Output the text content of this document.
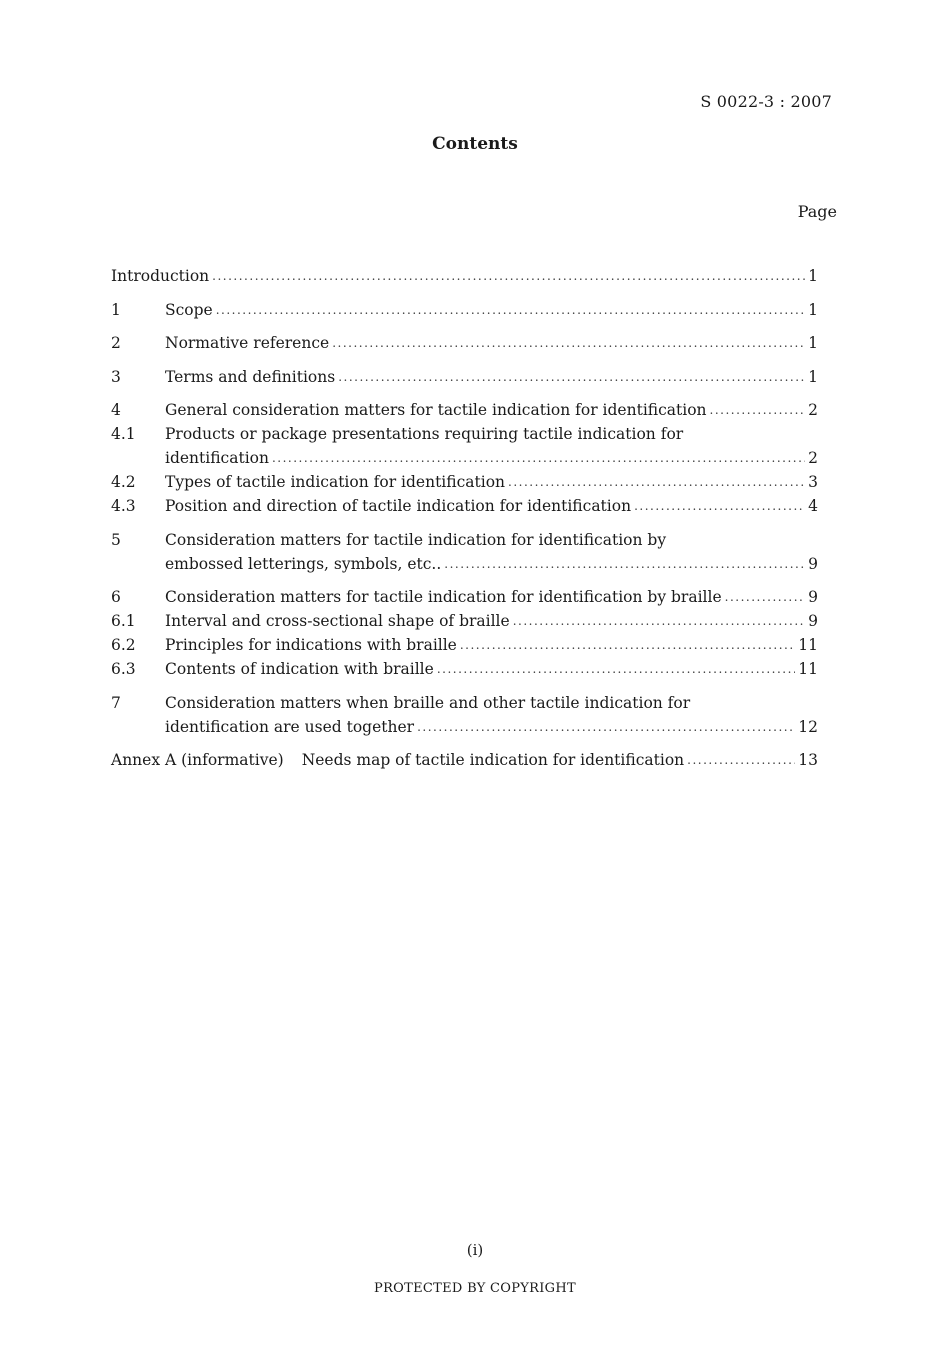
S 0022-3 : 2007
Contents
Page
Introduction .....	1
1	Scope .....	1
2	Normative reference .....	1
3	Terms and definitions .....	1
4	General consideration matters for tactile indication for identification .....	2
4.1	Products or package presentations requiring tactile indication for
identification .....	2
4.2	Types of tactile indication for identification .....	3
4.3	Position and direction of tactile indication for identification .....	4
5	Consideration matters for tactile indication for identification by
embossed letterings, symbols, etc.. .....	9
6	Consideration matters for tactile indication for identification by braille .....	9
6.1	Interval and cross-sectional shape of braille .....	9
6.2	Principles for indications with braille .....	11
6.3	Contents of indication with braille .....	11
7	Consideration matters when braille and other tactile indication for
identification are used together .....	12
Annex A (informative) Needs map of tactile indication for identification .....	13
(i)
PROTECTED BY COPYRIGHT
